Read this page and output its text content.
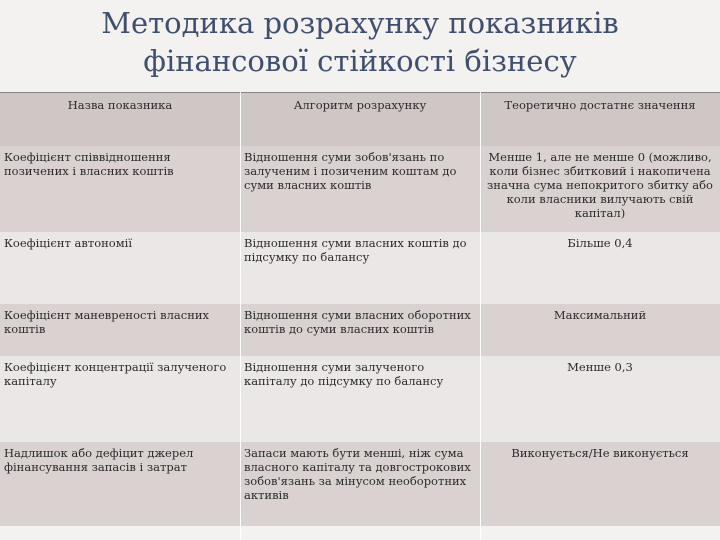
Методика розрахунку показників
фінансової стійкості бізнесу
Назва показника	Алгоритм розрахунку	Теоретично достатнє значення
Коефіцієнт співвідношення позичених і власних коштів	Відношення суми зобов'язань по залученим і позиченим коштам до суми власних коштів	Менше 1, але не менше 0 (можливо, коли бізнес збитковий і накопичена значна сума непокритого збитку або коли власники вилучають свій капітал)
Коефіцієнт автономії	Відношення суми власних коштів до підсумку по балансу	Більше 0,4
Коефіцієнт маневреності власних коштів	Відношення суми власних оборотних коштів до суми власних коштів	Максимальний
Коефіцієнт концентрації залученого капіталу	Відношення суми залученого капіталу до підсумку по балансу	Менше 0,3
Надлишок або дефіцит джерел фінансування запасів і затрат	Запаси мають бути менші, ніж сума власного капіталу та довгострокових зобов'язань за мінусом необоротних активів	Виконується/Не виконується
